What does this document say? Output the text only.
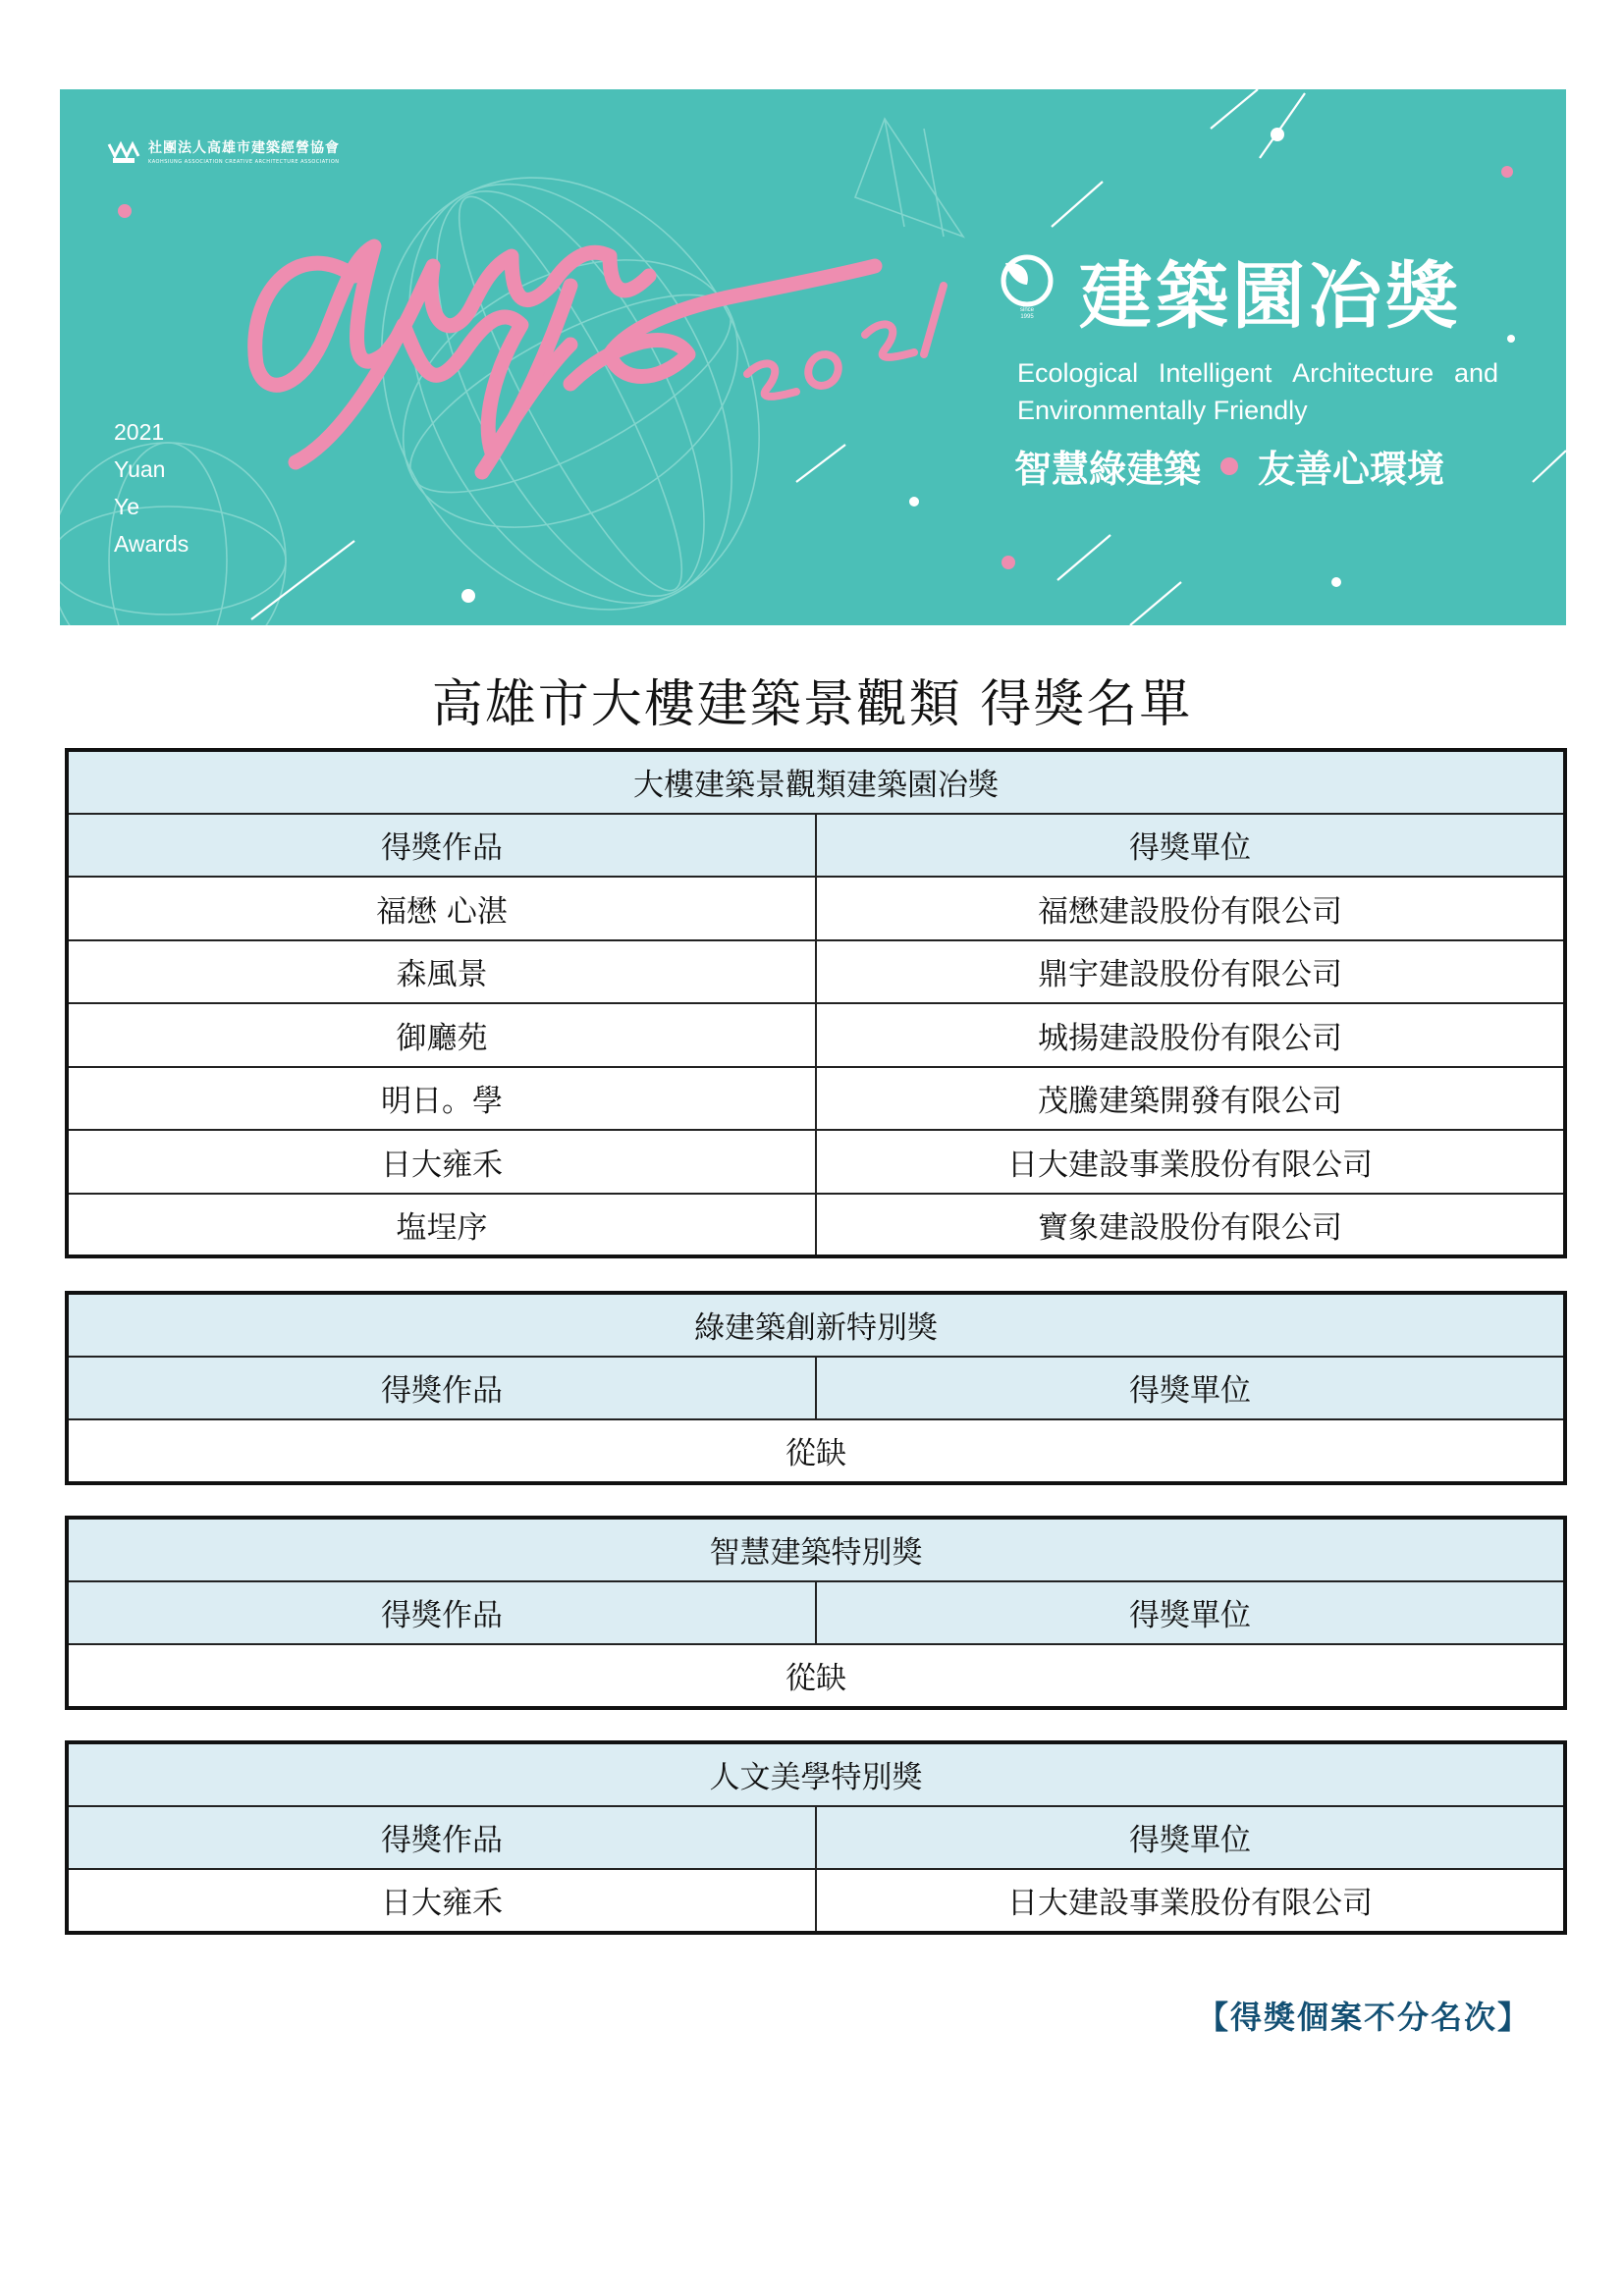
社團法人高雄市建築經營協會
KAOHSIUNG ASSOCIATION CREATIVE ARCHITECTURE ASSOCIATION
2021
Yuan
Ye
Awards
since
1995 建築園冶獎
Ecological Intelligent Architecture and
Environmentally Friendly
智慧綠建築 友善心環境
高雄市大樓建築景觀類 得獎名單
大樓建築景觀類建築園冶獎	
得獎作品	得獎單位
福懋 心湛	福懋建設股份有限公司
森風景	鼎宇建設股份有限公司
御廳苑	城揚建設股份有限公司
明日。學	茂騰建築開發有限公司
日大雍禾	日大建設事業股份有限公司
塩埕序	寶象建設股份有限公司
綠建築創新特別獎
得獎作品	得獎單位
從缺
智慧建築特別獎
得獎作品	得獎單位
從缺
人文美學特別獎	
得獎作品	得獎單位
日大雍禾	日大建設事業股份有限公司
【得獎個案不分名次】
